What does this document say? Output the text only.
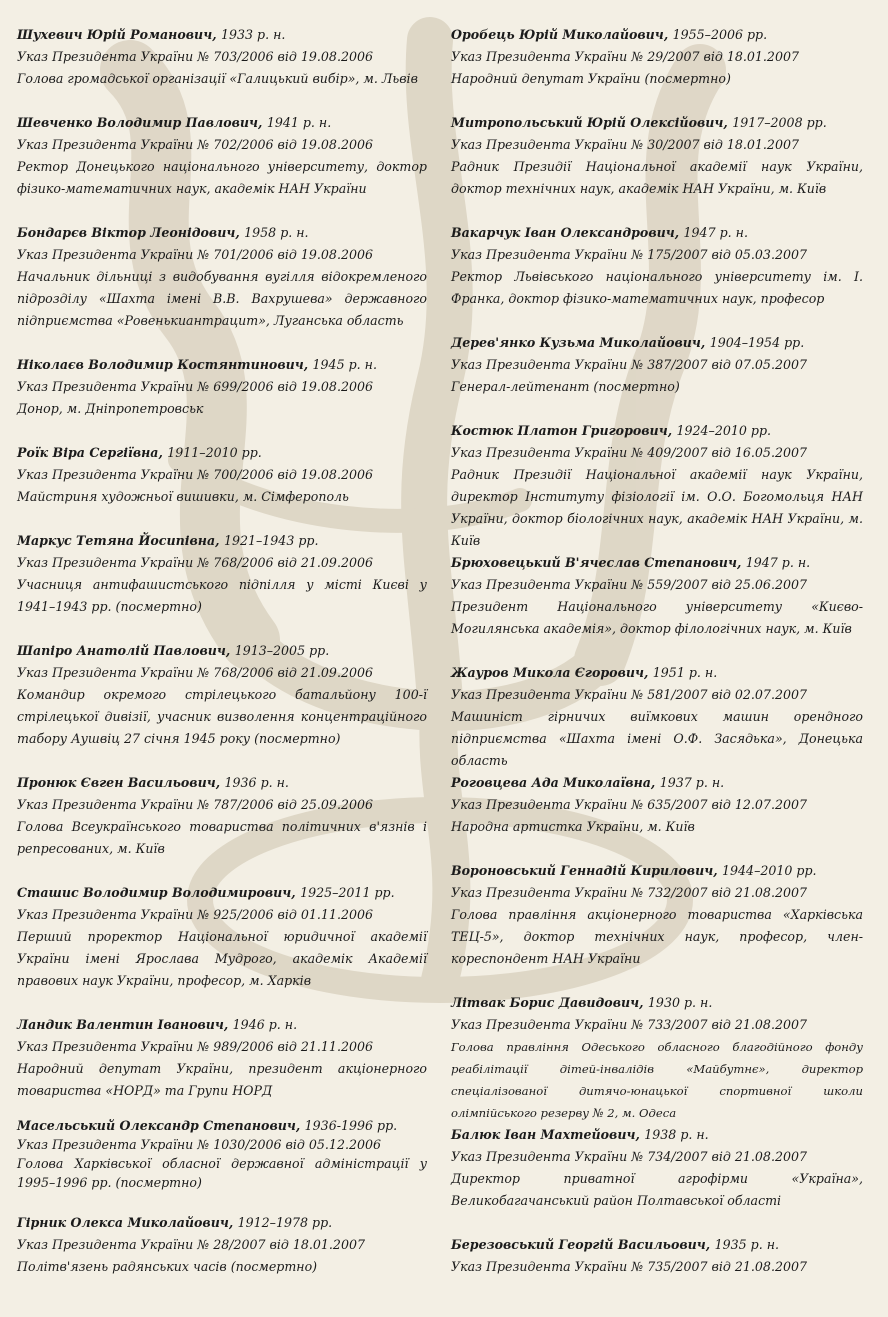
Шухевич Юрій Романович, 1933 р. н.

Указ Президента України № 703/2006 від 19.08.2006

Голова громадської організації «Галицький вибір», м. Львів

Шевченко Володимир Павлович, 1941 р. н.

Указ Президента України № 702/2006 від 19.08.2006

Ректор Донецького національного університету, доктор фізико-математичних наук, академік НАН України

Бондарєв Віктор Леонідович, 1958 р. н.

Указ Президента України № 701/2006 від 19.08.2006

Начальник дільниці з видобування вугілля відокремленого підрозділу «Шахта імені В.В. Вахрушева» державного підприємства «Ровенькиантрацит», Луганська область

Ніколаєв Володимир Костянтинович, 1945 р. н.

Указ Президента України № 699/2006 від 19.08.2006

Донор, м. Дніпропетровськ

Роїк Віра Сергіївна, 1911–2010 рр.

Указ Президента України № 700/2006 від 19.08.2006

Майстриня художньої вишивки, м. Сімферополь

Маркус Тетяна Йосипівна, 1921–1943 рр.

Указ Президента України № 768/2006 від 21.09.2006

Учасниця антифашистського підпілля у місті Києві у 1941–1943 рр. (посмертно)

Шапіро Анатолій Павлович, 1913–2005 рр.

Указ Президента України № 768/2006 від 21.09.2006

Командир окремого стрілецького батальйону 100-ї стрілецької дивізії, учасник визволення концентраційного табору Аушвіц 27 січня 1945 року (посмертно)

Пронюк Євген Васильович, 1936 р. н.

Указ Президента України № 787/2006 від 25.09.2006

Голова Всеукраїнського товариства політичних в'язнів і репресованих, м. Київ

Сташис Володимир Володимирович, 1925–2011 рр.

Указ Президента України № 925/2006 від 01.11.2006

Перший проректор Національної юридичної академії України імені Ярослава Мудрого, академік Академії правових наук України, професор, м. Харків

Ландик Валентин Іванович, 1946 р. н.

Указ Президента України № 989/2006 від 21.11.2006

Народний депутат України, президент акціонерного товариства «НОРД» та Групи НОРД

Масельський Олександр Степанович, 1936-1996 рр.

Указ Президента України № 1030/2006 від 05.12.2006

Голова Харківської обласної державної адміністрації у 1995–1996 рр. (посмертно)

Гірник Олекса Миколайович, 1912–1978 рр.

Указ Президента України № 28/2007 від 18.01.2007

Політв'язень радянських часів (посмертно)

Оробець Юрій Миколайович, 1955–2006 рр.

Указ Президента України № 29/2007 від 18.01.2007

Народний депутат України (посмертно)

Митропольський Юрій Олексійович, 1917–2008 рр.

Указ Президента України № 30/2007 від 18.01.2007

Радник Президії Національної академії наук України, доктор технічних наук, академік НАН України, м. Київ

Вакарчук Іван Олександрович, 1947 р. н.

Указ Президента України № 175/2007 від 05.03.2007

Ректор Львівського національного університету ім. І. Франка, доктор фізико-математичних наук, професор

Дерев'янко Кузьма Миколайович, 1904–1954 рр.

Указ Президента України № 387/2007 від 07.05.2007

Генерал-лейтенант (посмертно)

Костюк Платон Григорович, 1924–2010 рр.

Указ Президента України № 409/2007 від 16.05.2007

Радник Президії Національної академії наук України, директор Інституту фізіології ім. О.О. Богомольця НАН України, доктор біологічних наук, академік НАН України, м. Київ

Брюховецький В'ячеслав Степанович, 1947 р. н.

Указ Президента України № 559/2007 від 25.06.2007

Президент Національного університету «Києво-Могилянська академія», доктор філологічних наук, м. Київ

Жауров Микола Єгорович, 1951 р. н.

Указ Президента України № 581/2007 від 02.07.2007

Машиніст гірничих виїмкових машин орендного підприємства «Шахта імені О.Ф. Засядька», Донецька область

Роговцева Ада Миколаївна, 1937 р. н.

Указ Президента України № 635/2007 від 12.07.2007

Народна артистка України, м. Київ

Вороновський Геннадій Кирилович, 1944–2010 рр.

Указ Президента України № 732/2007 від 21.08.2007

Голова правління акціонерного товариства «Харківська ТЕЦ-5», доктор технічних наук, професор, член-кореспондент НАН України

Літвак Борис Давидович, 1930 р. н.

Указ Президента України № 733/2007 від 21.08.2007

Голова правління Одеського обласного благодійного фонду реабілітації дітей-інвалідів «Майбутнє», директор спеціалізованої дитячо-юнацької спортивної школи олімпійського резерву № 2, м. Одеса

Балюк Іван Махтейович, 1938 р. н.

Указ Президента України № 734/2007 від 21.08.2007

Директор приватної агрофірми «Україна», Великобагачанський район Полтавської області

Березовський Георгій Васильович, 1935 р. н.

Указ Президента України № 735/2007 від 21.08.2007
